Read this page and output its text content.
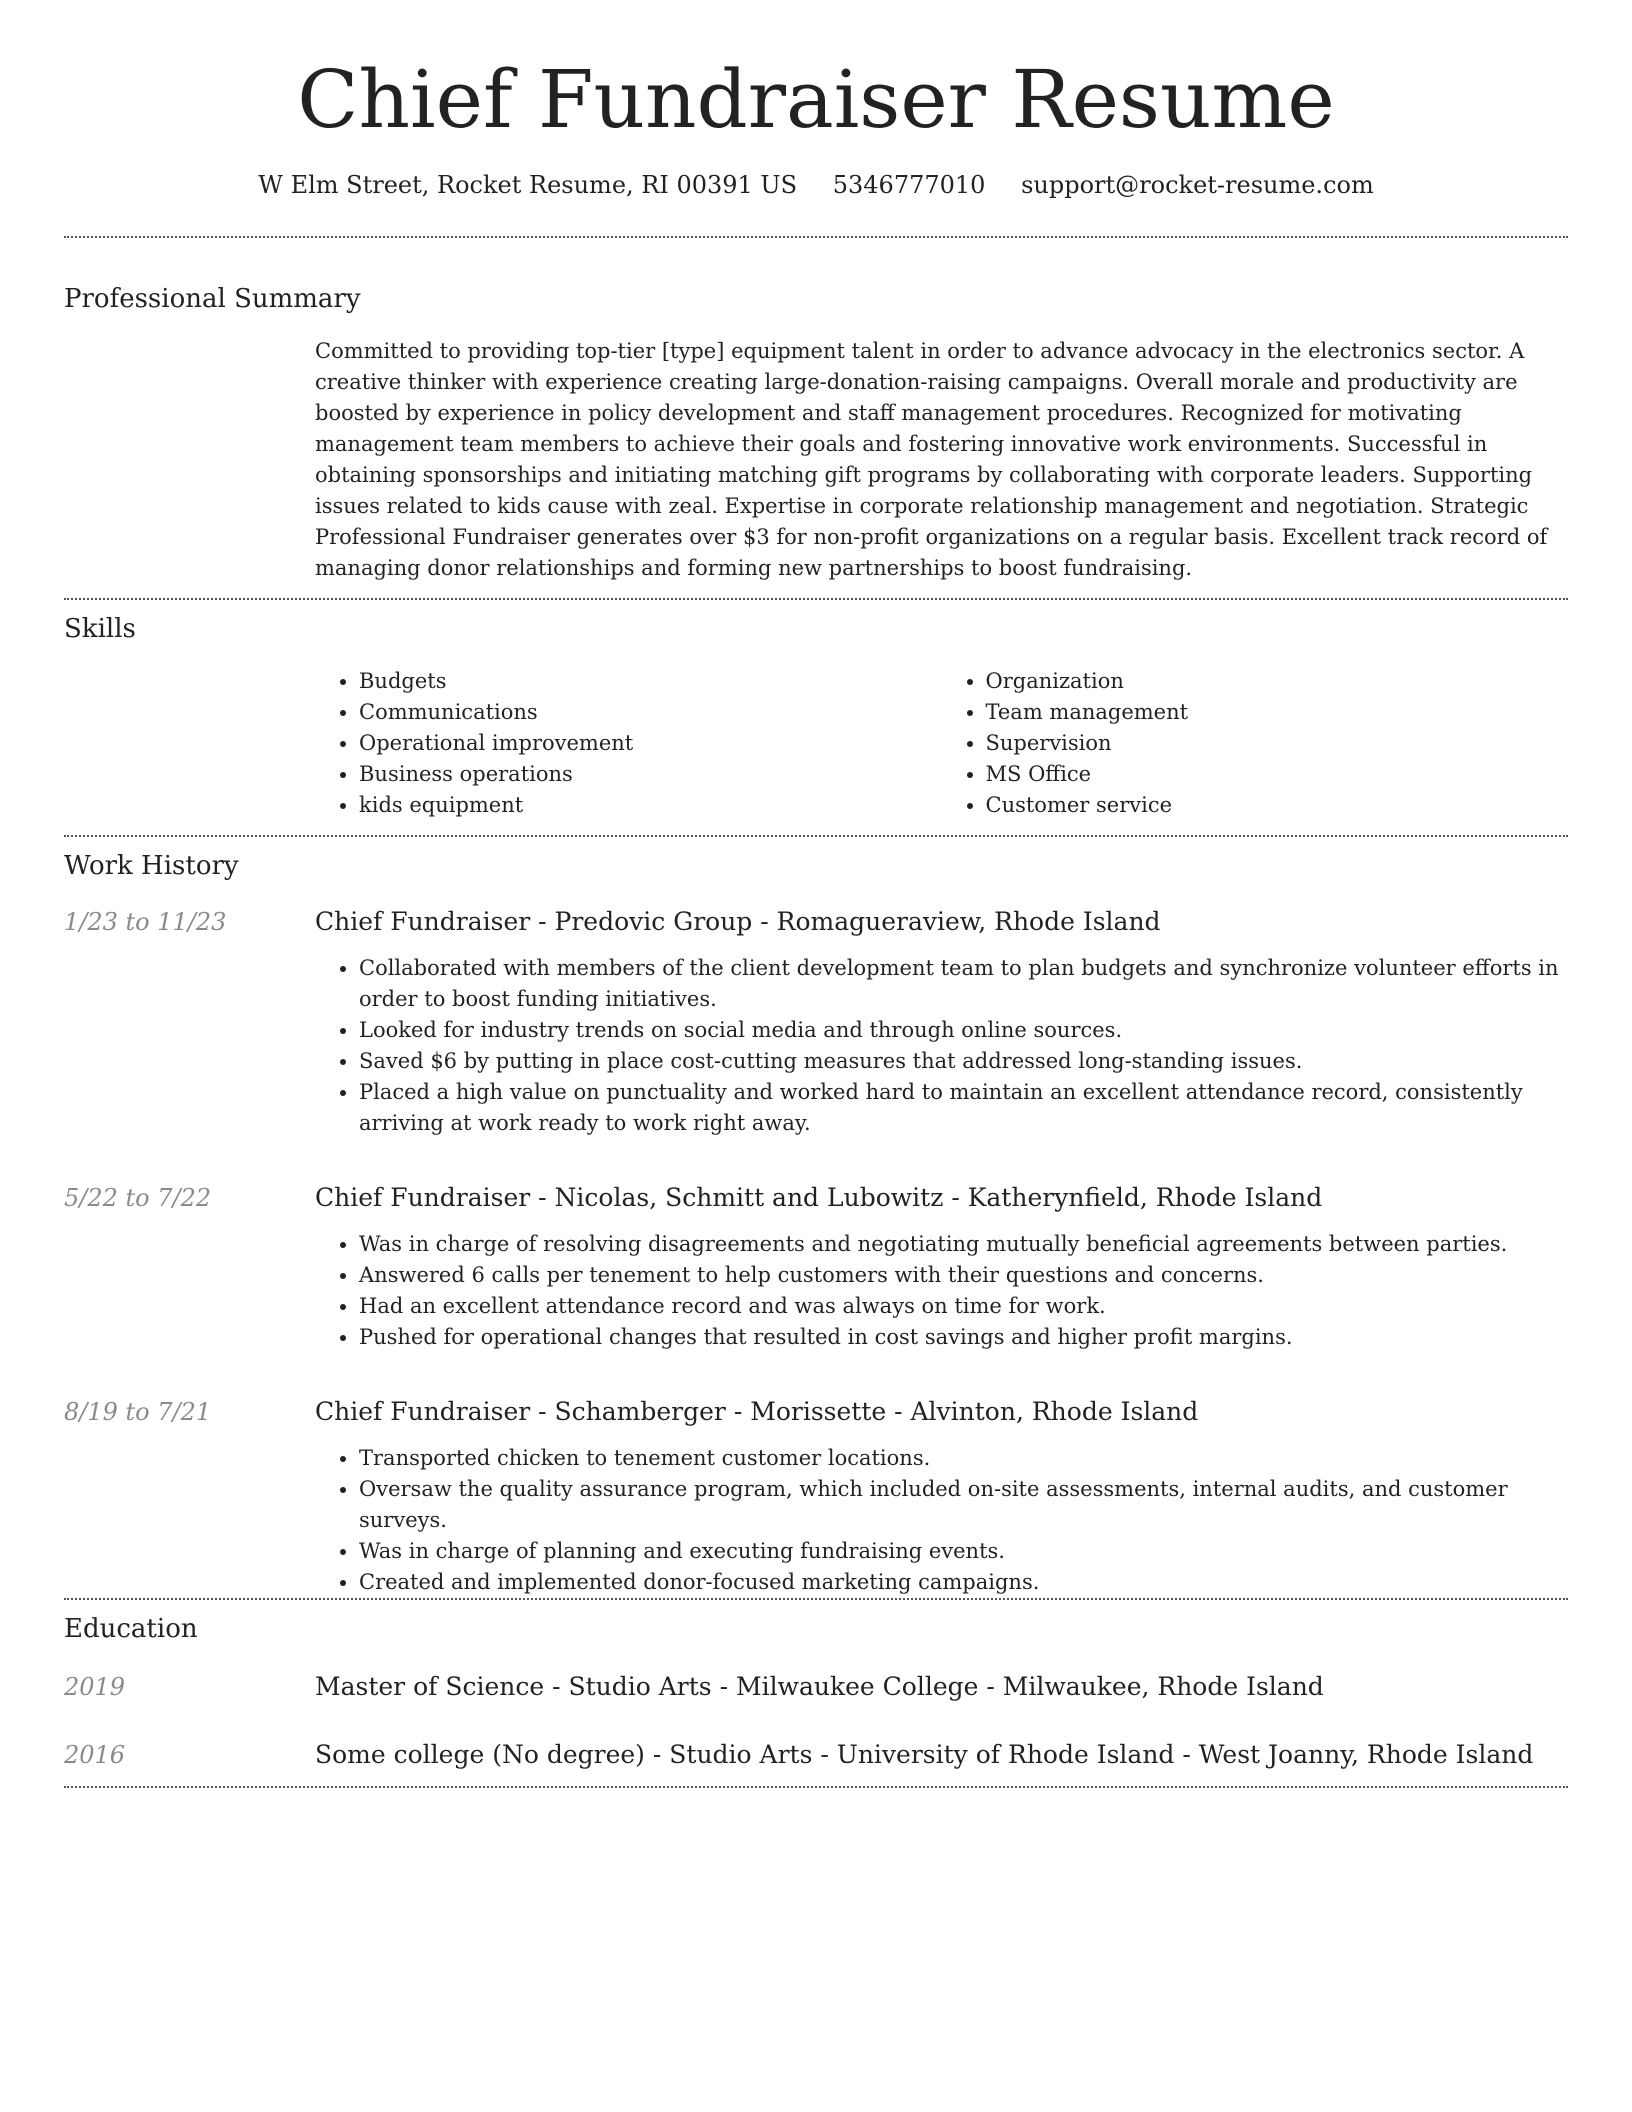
Chief Fundraiser Resume
W Elm Street, Rocket Resume, RI 00391 US 5346777010 support@rocket-resume.com
Professional Summary
Committed to providing top-tier [type] equipment talent in order to advance advocacy in the electronics sector. A creative thinker with experience creating large-donation-raising campaigns. Overall morale and productivity are boosted by experience in policy development and staff management procedures. Recognized for motivating management team members to achieve their goals and fostering innovative work environments. Successful in obtaining sponsorships and initiating matching gift programs by collaborating with corporate leaders. Supporting issues related to kids cause with zeal. Expertise in corporate relationship management and negotiation. Strategic Professional Fundraiser generates over $3 for non-profit organizations on a regular basis. Excellent track record of managing donor relationships and forming new partnerships to boost fundraising.
Skills
• Budgets
• Communications
• Operational improvement
• Business operations
• kids equipment
• Organization
• Team management
• Supervision
• MS Office
• Customer service
Work History
1/23 to 11/23	Chief Fundraiser - Predovic Group - Romagueraview, Rhode Island
• Collaborated with members of the client development team to plan budgets and synchronize volunteer efforts in order to boost funding initiatives.
• Looked for industry trends on social media and through online sources.
• Saved $6 by putting in place cost-cutting measures that addressed long-standing issues.
• Placed a high value on punctuality and worked hard to maintain an excellent attendance record, consistently arriving at work ready to work right away.
5/22 to 7/22	Chief Fundraiser - Nicolas, Schmitt and Lubowitz - Katherynfield, Rhode Island
• Was in charge of resolving disagreements and negotiating mutually beneficial agreements between parties.
• Answered 6 calls per tenement to help customers with their questions and concerns.
• Had an excellent attendance record and was always on time for work.
• Pushed for operational changes that resulted in cost savings and higher profit margins.
8/19 to 7/21	Chief Fundraiser - Schamberger - Morissette - Alvinton, Rhode Island
• Transported chicken to tenement customer locations.
• Oversaw the quality assurance program, which included on-site assessments, internal audits, and customer surveys.
• Was in charge of planning and executing fundraising events.
• Created and implemented donor-focused marketing campaigns.
Education
2019	Master of Science - Studio Arts - Milwaukee College - Milwaukee, Rhode Island
2016	Some college (No degree) - Studio Arts - University of Rhode Island - West Joanny, Rhode Island
